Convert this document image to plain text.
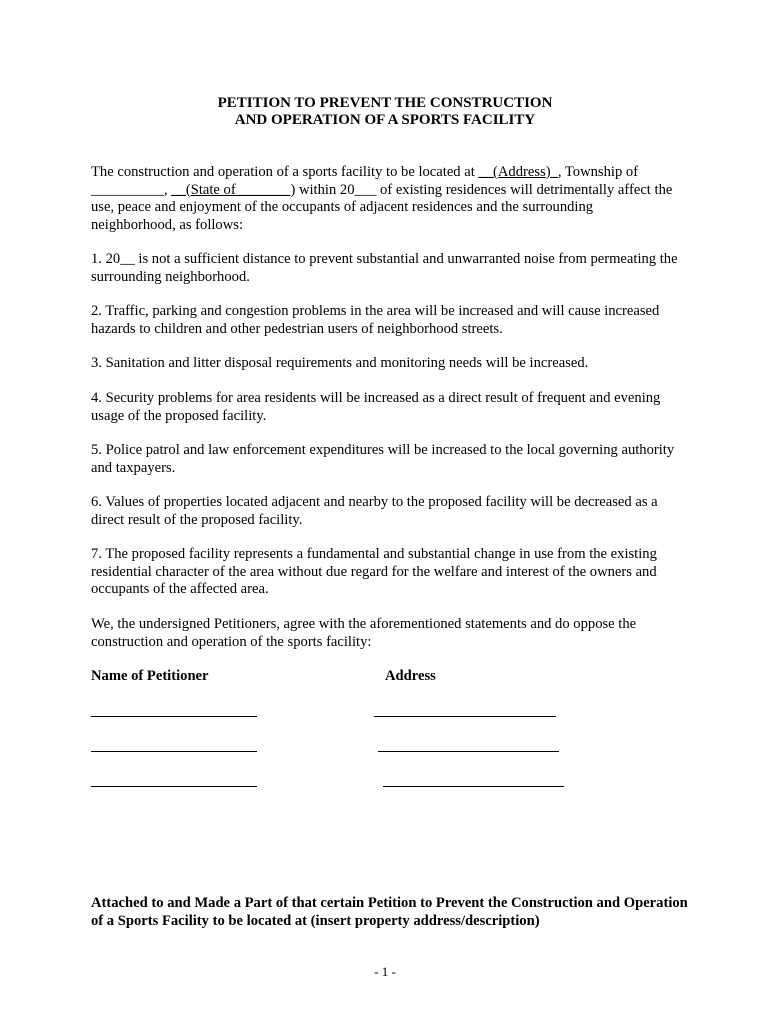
PETITION TO PREVENT THE CONSTRUCTION
AND OPERATION OF A SPORTS FACILITY

The construction and operation of a sports facility to be located at __(Address)_, Township of
__________, __(State of _______) within 20___ of existing residences will detrimentally affect the use, peace and enjoyment of the occupants of adjacent residences and the surrounding neighborhood, as follows:

1. 20__ is not a sufficient distance to prevent substantial and unwarranted noise from permeating the surrounding neighborhood.

2. Traffic, parking and congestion problems in the area will be increased and will cause increased hazards to children and other pedestrian users of neighborhood streets.

3. Sanitation and litter disposal requirements and monitoring needs will be increased.

4. Security problems for area residents will be increased as a direct result of frequent and evening usage of the proposed facility.

5. Police patrol and law enforcement expenditures will be increased to the local governing authority and taxpayers.

6. Values of properties located adjacent and nearby to the proposed facility will be decreased as a direct result of the proposed facility.

7. The proposed facility represents a fundamental and substantial change in use from the existing residential character of the area without due regard for the welfare and interest of the owners and occupants of the affected area.

We, the undersigned Petitioners, agree with the aforementioned statements and do oppose the construction and operation of the sports facility:

Name of Petitioner	Address

Attached to and Made a Part of that certain Petition to Prevent the Construction and Operation of a Sports Facility to be located at (insert property address/description)

- 1 -
